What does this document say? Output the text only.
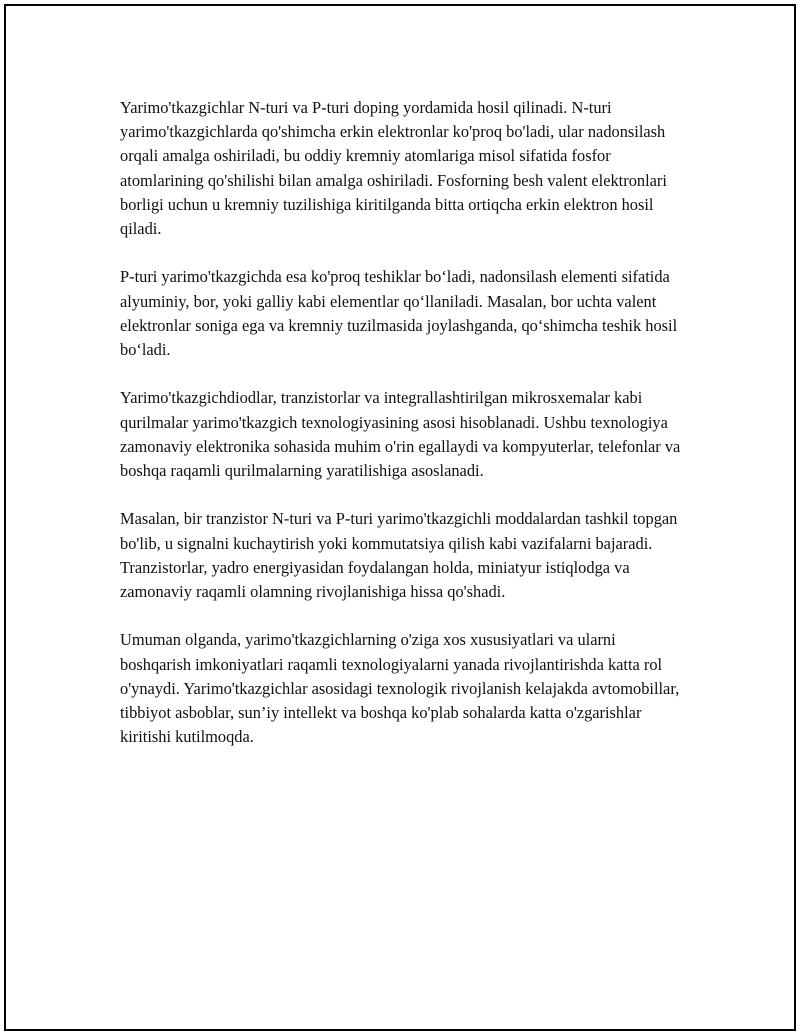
Yarimo'tkazgichlar N-turi va P-turi doping yordamida hosil qilinadi. N-turi yarimo'tkazgichlarda qo'shimcha erkin elektronlar ko'proq bo'ladi, ular nadonsilash orqali amalga oshiriladi, bu oddiy kremniy atomlariga misol sifatida fosfor atomlarining qo'shilishi bilan amalga oshiriladi. Fosforning besh valent elektronlari borligi uchun u kremniy tuzilishiga kiritilganda bitta ortiqcha erkin elektron hosil qiladi.

P-turi yarimo'tkazgichda esa ko'proq teshiklar boʻladi, nadonsilash elementi sifatida alyuminiy, bor, yoki galliy kabi elementlar qoʻllaniladi. Masalan, bor uchta valent elektronlar soniga ega va kremniy tuzilmasida joylashganda, qoʻshimcha teshik hosil boʻladi.

Yarimo'tkazgichdiodlar, tranzistorlar va integrallashtirilgan mikrosxemalar kabi qurilmalar yarimo'tkazgich texnologiyasining asosi hisoblanadi. Ushbu texnologiya zamonaviy elektronika sohasida muhim o'rin egallaydi va kompyuterlar, telefonlar va boshqa raqamli qurilmalarning yaratilishiga asoslanadi.

Masalan, bir tranzistor N-turi va P-turi yarimo'tkazgichli moddalardan tashkil topgan bo'lib, u signalni kuchaytirish yoki kommutatsiya qilish kabi vazifalarni bajaradi. Tranzistorlar, yadro energiyasidan foydalangan holda, miniatyur istiqlodga va zamonaviy raqamli olamning rivojlanishiga hissa qo'shadi.

Umuman olganda, yarimo'tkazgichlarning o'ziga xos xususiyatlari va ularni boshqarish imkoniyatlari raqamli texnologiyalarni yanada rivojlantirishda katta rol o'ynaydi. Yarimo'tkazgichlar asosidagi texnologik rivojlanish kelajakda avtomobillar, tibbiyot asboblar, sun’iy intellekt va boshqa ko'plab sohalarda katta o'zgarishlar kiritishi kutilmoqda.
